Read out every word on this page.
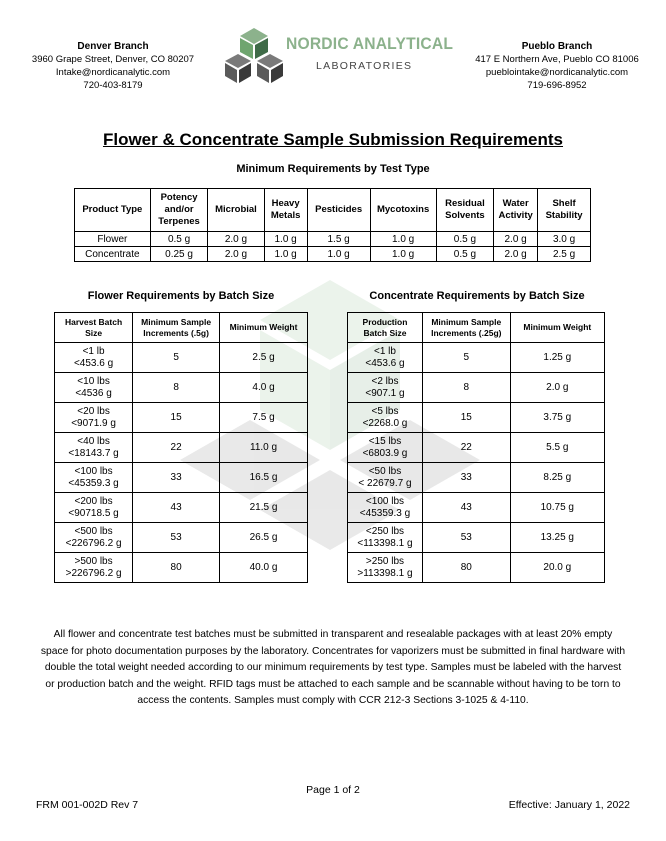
Denver Branch
3960 Grape Street, Denver, CO 80207
Intake@nordicanalytic.com
720-403-8179
NORDIC ANALYTICAL
LABORATORIES
Pueblo Branch
417 E Northern Ave, Pueblo CO 81006
pueblointake@nordicanalytic.com
719-696-8952
Flower & Concentrate Sample Submission Requirements
Minimum Requirements by Test Type
Product Type	Potency and/or Terpenes	Microbial	Heavy Metals	Pesticides	Mycotoxins	Residual Solvents	Water Activity	Shelf Stability
Flower	0.5 g	2.0 g	1.0 g	1.5 g	1.0 g	0.5 g	2.0 g	3.0 g
Concentrate	0.25 g	2.0 g	1.0 g	1.0 g	1.0 g	0.5 g	2.0 g	2.5 g
Flower Requirements by Batch Size	Concentrate Requirements by Batch Size
Harvest Batch Size	Minimum Sample Increments (.5g)	Minimum Weight

<1 lb
<453.6 g	5	2.5 g

<10 lbs
<4536 g	8	4.0 g

<20 lbs
<9071.9 g	15	7.5 g

<40 lbs
<18143.7 g	22	11.0 g

<100 lbs
<45359.3 g	33	16.5 g

<200 lbs
<90718.5 g	43	21.5 g

<500 lbs
<226796.2 g	53	26.5 g

>500 lbs
>226796.2 g	80	40.0 g
Production Batch Size	Minimum Sample Increments (.25g)	Minimum Weight

<1 lb
<453.6 g	5	1.25 g

<2 lbs
<907.1 g	8	2.0 g

<5 lbs
<2268.0 g	15	3.75 g

<15 lbs
<6803.9 g	22	5.5 g

<50 lbs
< 22679.7 g	33	8.25 g

<100 lbs
<45359.3 g	43	10.75 g

<250 lbs
<113398.1 g	53	13.25 g

>250 lbs
>113398.1 g	80	20.0 g
All flower and concentrate test batches must be submitted in transparent and resealable packages with at least 20% empty space for photo documentation purposes by the laboratory. Concentrates for vaporizers must be submitted in final hardware with double the total weight needed according to our minimum requirements by test type. Samples must be labeled with the harvest or production batch and the weight. RFID tags must be attached to each sample and be scannable without having to be torn to access the contents. Samples must comply with CCR 212-3 Sections 3-1025 & 4-110.
Page 1 of 2
FRM 001-002D Rev 7	Effective: January 1, 2022
